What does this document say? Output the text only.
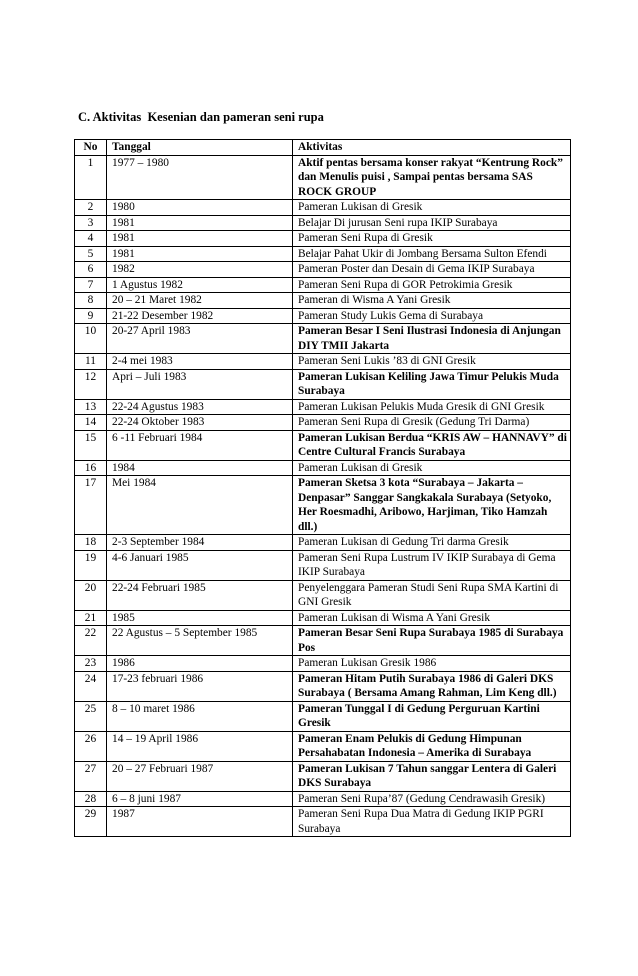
C. Aktivitas  Kesenian dan pameran seni rupa
No	Tanggal	Aktivitas
1	1977 – 1980	Aktif pentas bersama konser rakyat “Kentrung Rock” dan Menulis puisi , Sampai pentas bersama SAS ROCK GROUP
2	1980	Pameran Lukisan di Gresik
3	1981	Belajar Di jurusan Seni rupa IKIP Surabaya
4	1981	Pameran Seni Rupa di Gresik
5	1981	Belajar Pahat Ukir di Jombang Bersama Sulton Efendi
6	1982	Pameran Poster dan Desain di Gema IKIP Surabaya
7	1 Agustus 1982	Pameran Seni Rupa di GOR Petrokimia Gresik
8	20 – 21 Maret 1982	Pameran di Wisma A Yani Gresik
9	21-22 Desember 1982	Pameran Study Lukis Gema di Surabaya
10	20-27 April 1983	Pameran Besar I Seni Ilustrasi Indonesia di Anjungan DIY TMII Jakarta
11	2-4 mei 1983	Pameran Seni Lukis ’83 di GNI Gresik
12	Apri – Juli 1983	Pameran Lukisan Keliling Jawa Timur Pelukis Muda Surabaya
13	22-24 Agustus 1983	Pameran Lukisan Pelukis Muda Gresik di GNI Gresik
14	22-24 Oktober 1983	Pameran Seni Rupa di Gresik (Gedung Tri Darma)
15	6 -11 Februari 1984	Pameran Lukisan Berdua “KRIS AW – HANNAVY” di Centre Cultural Francis Surabaya
16	1984	Pameran Lukisan di Gresik
17	Mei 1984	Pameran Sketsa 3 kota “Surabaya – Jakarta – Denpasar” Sanggar Sangkakala Surabaya (Setyoko, Her Roesmadhi, Aribowo, Harjiman, Tiko Hamzah dll.)
18	2-3 September 1984	Pameran Lukisan di Gedung Tri darma Gresik
19	4-6 Januari 1985	Pameran Seni Rupa Lustrum IV IKIP Surabaya di Gema IKIP Surabaya
20	22-24 Februari 1985	Penyelenggara Pameran Studi Seni Rupa SMA Kartini di GNI Gresik
21	1985	Pameran Lukisan di Wisma A Yani Gresik
22	22 Agustus – 5 September 1985	Pameran Besar Seni Rupa Surabaya 1985 di Surabaya Pos
23	1986	Pameran Lukisan Gresik 1986
24	17-23 februari 1986	Pameran Hitam Putih Surabaya 1986 di Galeri DKS Surabaya ( Bersama Amang Rahman, Lim Keng dll.)
25	8 – 10 maret 1986	Pameran Tunggal I di Gedung Perguruan Kartini Gresik
26	14 – 19 April 1986	Pameran Enam Pelukis di Gedung Himpunan Persahabatan Indonesia – Amerika di Surabaya
27	20 – 27 Februari 1987	Pameran Lukisan 7 Tahun sanggar Lentera di Galeri DKS Surabaya
28	6 – 8 juni 1987	Pameran Seni Rupa’87 (Gedung Cendrawasih Gresik)
29	1987	Pameran Seni Rupa Dua Matra di Gedung IKIP PGRI Surabaya
